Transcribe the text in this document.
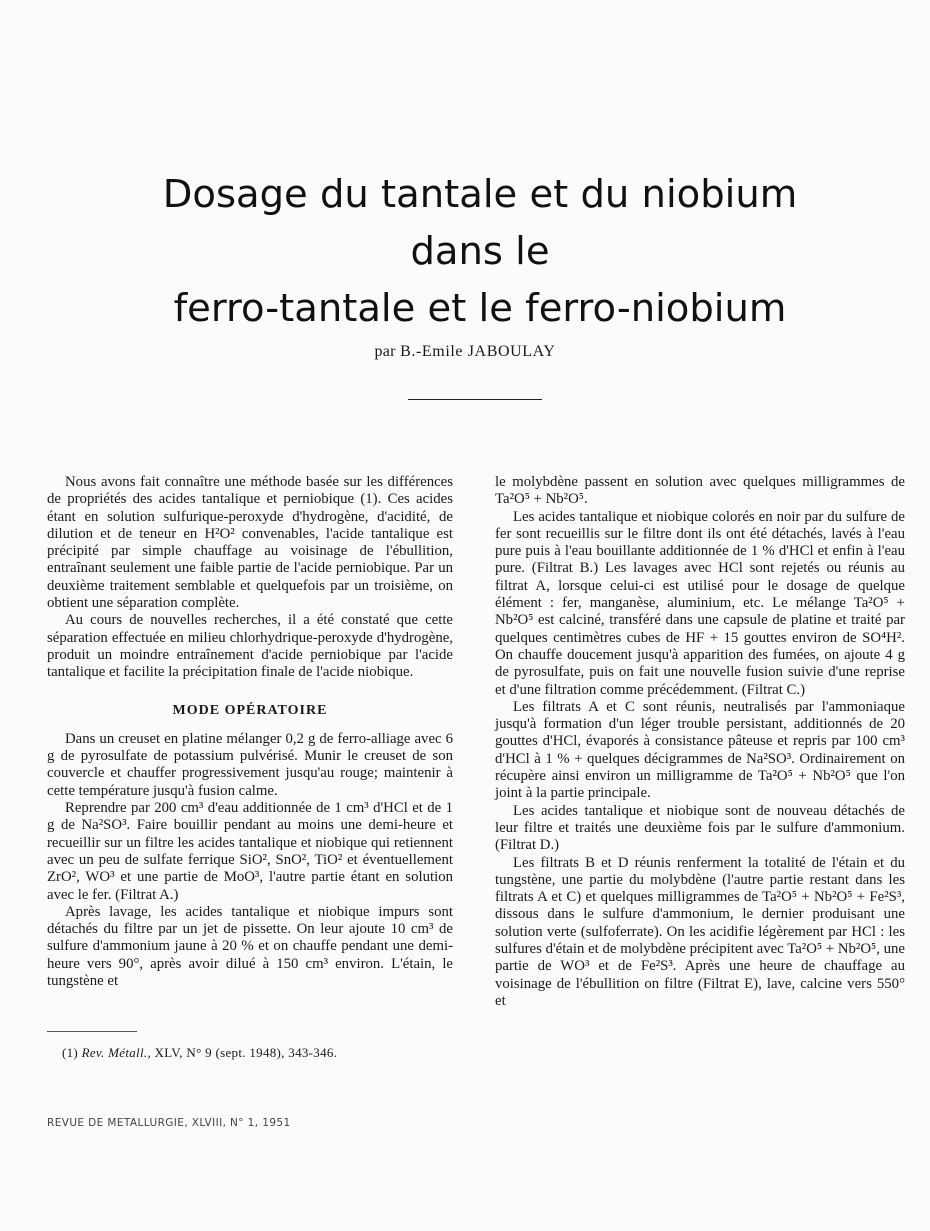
Dosage du tantale et du niobium
dans le
ferro-tantale et le ferro-niobium
par B.-Emile JABOULAY

Nous avons fait connaître une méthode basée sur les différences de propriétés des acides tantalique et perniobique (1). Ces acides étant en solution sulfurique-peroxyde d'hydrogène, d'acidité, de dilution et de teneur en H²O² convenables, l'acide tantalique est précipité par simple chauffage au voisinage de l'ébullition, entraînant seulement une faible partie de l'acide perniobique. Par un deuxième traitement semblable et quelquefois par un troisième, on obtient une séparation complète.

Au cours de nouvelles recherches, il a été constaté que cette séparation effectuée en milieu chlorhydrique-peroxyde d'hydrogène, produit un moindre entraînement d'acide perniobique par l'acide tantalique et facilite la précipitation finale de l'acide niobique.

MODE OPÉRATOIRE

Dans un creuset en platine mélanger 0,2 g de ferro-alliage avec 6 g de pyrosulfate de potassium pulvérisé. Munir le creuset de son couvercle et chauffer progressivement jusqu'au rouge; maintenir à cette température jusqu'à fusion calme.

Reprendre par 200 cm³ d'eau additionnée de 1 cm³ d'HCl et de 1 g de Na²SO³. Faire bouillir pendant au moins une demi-heure et recueillir sur un filtre les acides tantalique et niobique qui retiennent avec un peu de sulfate ferrique SiO², SnO², TiO² et éventuellement ZrO², WO³ et une partie de MoO³, l'autre partie étant en solution avec le fer. (Filtrat A.)

Après lavage, les acides tantalique et niobique impurs sont détachés du filtre par un jet de pissette. On leur ajoute 10 cm³ de sulfure d'ammonium jaune à 20 % et on chauffe pendant une demi-heure vers 90°, après avoir dilué à 150 cm³ environ. L'étain, le tungstène et

le molybdène passent en solution avec quelques milligrammes de Ta²O⁵ + Nb²O⁵.

Les acides tantalique et niobique colorés en noir par du sulfure de fer sont recueillis sur le filtre dont ils ont été détachés, lavés à l'eau pure puis à l'eau bouillante additionnée de 1 % d'HCl et enfin à l'eau pure. (Filtrat B.) Les lavages avec HCl sont rejetés ou réunis au filtrat A, lorsque celui-ci est utilisé pour le dosage de quelque élément : fer, manganèse, aluminium, etc. Le mélange Ta²O⁵ + Nb²O⁵ est calciné, transféré dans une capsule de platine et traité par quelques centimètres cubes de HF + 15 gouttes environ de SO⁴H². On chauffe doucement jusqu'à apparition des fumées, on ajoute 4 g de pyrosulfate, puis on fait une nouvelle fusion suivie d'une reprise et d'une filtration comme précédemment. (Filtrat C.)

Les filtrats A et C sont réunis, neutralisés par l'ammoniaque jusqu'à formation d'un léger trouble persistant, additionnés de 20 gouttes d'HCl, évaporés à consistance pâteuse et repris par 100 cm³ d'HCl à 1 % + quelques décigrammes de Na²SO³. Ordinairement on récupère ainsi environ un milligramme de Ta²O⁵ + Nb²O⁵ que l'on joint à la partie principale.

Les acides tantalique et niobique sont de nouveau détachés de leur filtre et traités une deuxième fois par le sulfure d'ammonium. (Filtrat D.)

Les filtrats B et D réunis renferment la totalité de l'étain et du tungstène, une partie du molybdène (l'autre partie restant dans les filtrats A et C) et quelques milligrammes de Ta²O⁵ + Nb²O⁵ + Fe²S³, dissous dans le sulfure d'ammonium, le dernier produisant une solution verte (sulfoferrate). On les acidifie légèrement par HCl : les sulfures d'étain et de molybdène précipitent avec Ta²O⁵ + Nb²O⁵, une partie de WO³ et de Fe²S³. Après une heure de chauffage au voisinage de l'ébullition on filtre (Filtrat E), lave, calcine vers 550° et

(1) Rev. Métall., XLV, N° 9 (sept. 1948), 343-346.
REVUE DE METALLURGIE, XLVIII, N° 1, 1951
